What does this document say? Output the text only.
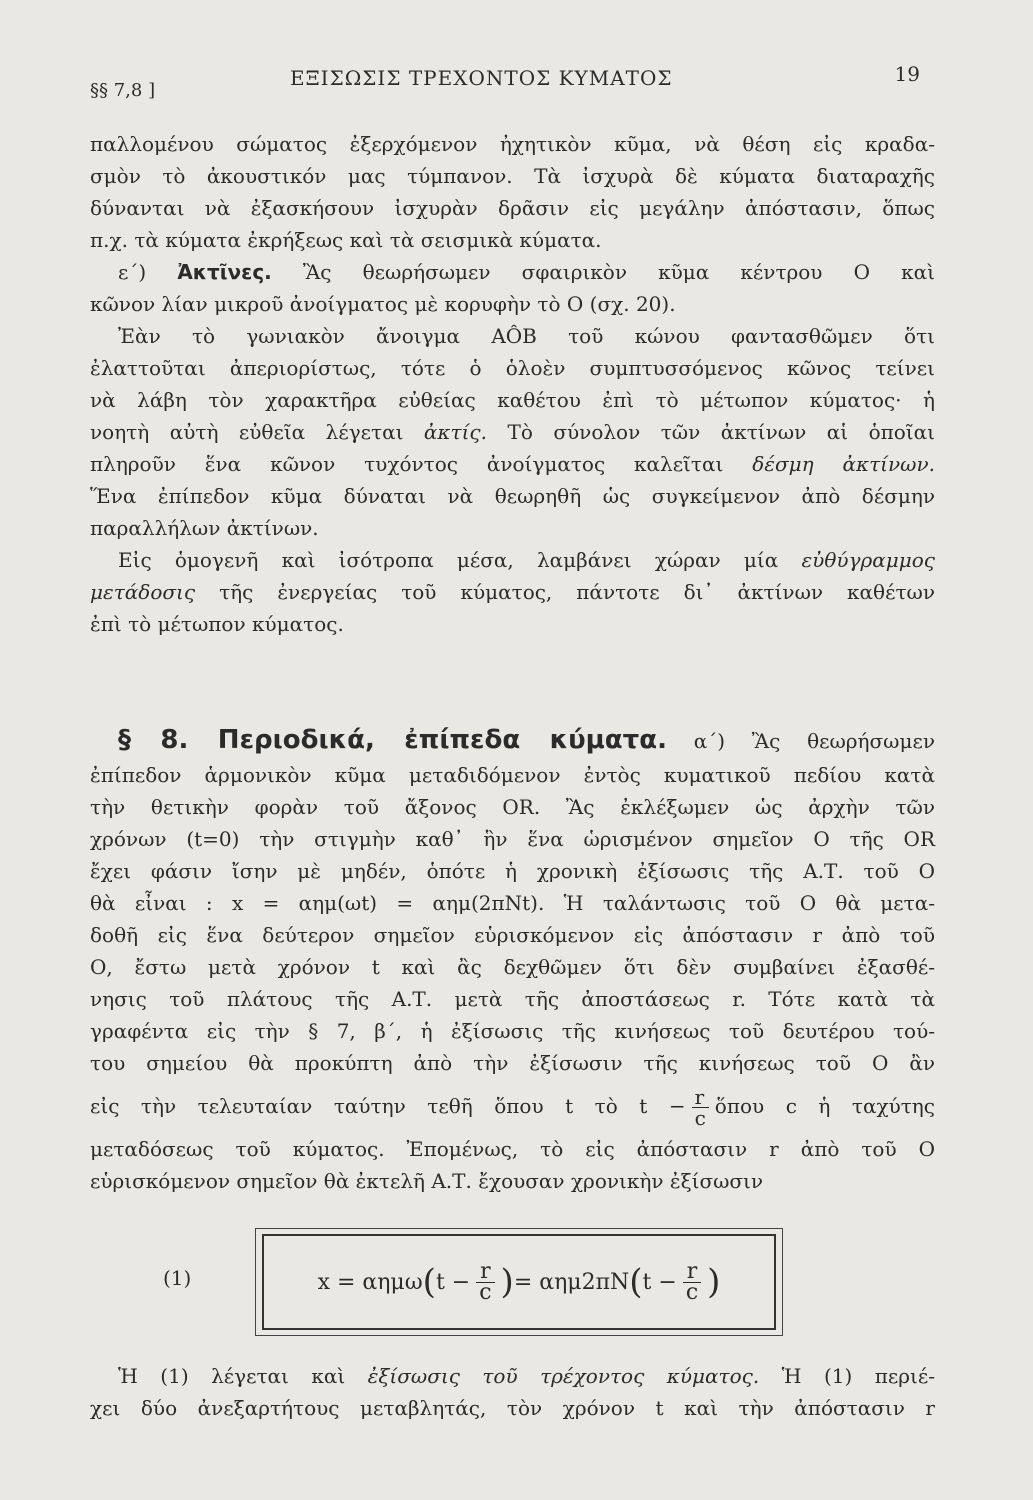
§§ 7,8 ]
ΕΞΙΣΩΣΙΣ ΤΡΕΧΟΝΤΟΣ ΚΥΜΑΤΟΣ	19
παλλομένου σώματος ἐξερχόμενον ἠχητικὸν κῦμα, νὰ θέση εἰς κραδα-
σμὸν τὸ ἀκουστικόν μας τύμπανον. Τὰ ἰσχυρὰ δὲ κύματα διαταραχῆς
δύνανται νὰ ἐξασκήσουν ἰσχυρὰν δρᾶσιν εἰς μεγάλην ἀπόστασιν, ὅπως
π.χ. τὰ κύματα ἐκρήξεως καὶ τὰ σεισμικὰ κύματα.
ε΄) Ἀκτῖνες. Ἂς θεωρήσωμεν σφαιρικὸν κῦμα κέντρου Ο καὶ
κῶνον λίαν μικροῦ ἀνοίγματος μὲ κορυφὴν τὸ Ο (σχ. 20).
Ἐὰν τὸ γωνιακὸν ἄνοιγμα AÔB τοῦ κώνου φαντασθῶμεν ὅτι
ἐλαττοῦται ἀπεριορίστως, τότε ὁ ὁλοὲν συμπτυσσόμενος κῶνος τείνει
νὰ λάβη τὸν χαρακτῆρα εὐθείας καθέτου ἐπὶ τὸ μέτωπον κύματος· ἡ
νοητὴ αὐτὴ εὐθεῖα λέγεται ἀκτίς. Τὸ σύνολον τῶν ἀκτίνων αἱ ὁποῖαι
πληροῦν ἕνα κῶνον τυχόντος ἀνοίγματος καλεῖται δέσμη ἀκτίνων.
Ἕνα ἐπίπεδον κῦμα δύναται νὰ θεωρηθῆ ὡς συγκείμενον ἀπὸ δέσμην
παραλλήλων ἀκτίνων.
Εἰς ὁμογενῆ καὶ ἰσότροπα μέσα, λαμβάνει χώραν μία εὐθύγραμμος
μετάδοσις τῆς ἐνεργείας τοῦ κύματος, πάντοτε δι᾽ ἀκτίνων καθέτων
ἐπὶ τὸ μέτωπον κύματος.
§ 8. Περιοδικά, ἐπίπεδα κύματα. α΄) Ἂς θεωρήσωμεν
ἐπίπεδον ἁρμονικὸν κῦμα μεταδιδόμενον ἐντὸς κυματικοῦ πεδίου κατὰ
τὴν θετικὴν φορὰν τοῦ ἄξονος OR. Ἂς ἐκλέξωμεν ὡς ἀρχὴν τῶν
χρόνων (t=0) τὴν στιγμὴν καθ᾽ ἣν ἕνα ὡρισμένον σημεῖον Ο τῆς OR
ἔχει φάσιν ἴσην μὲ μηδέν, ὁπότε ἡ χρονικὴ ἐξίσωσις τῆς Α.Τ. τοῦ Ο
θὰ εἶναι : x = αημ(ωt) = αημ(2πNt). Ἡ ταλάντωσις τοῦ Ο θὰ μετα-
δοθῆ εἰς ἕνα δεύτερον σημεῖον εὑρισκόμενον εἰς ἀπόστασιν r ἀπὸ τοῦ
Ο, ἔστω μετὰ χρόνον t καὶ ἂς δεχθῶμεν ὅτι δὲν συμβαίνει ἐξασθέ-
νησις τοῦ πλάτους τῆς Α.Τ. μετὰ τῆς ἀποστάσεως r. Τότε κατὰ τὰ
γραφέντα εἰς τὴν § 7, β΄, ἡ ἐξίσωσις τῆς κινήσεως τοῦ δευτέρου τού-
του σημείου θὰ προκύπτη ἀπὸ τὴν ἐξίσωσιν τῆς κινήσεως τοῦ Ο ἂν
εἰς τὴν τελευταίαν ταύτην τεθῆ ὅπου t τὸ $t - \frac{r}{c}$ ὅπου c ἡ ταχύτης
μεταδόσεως τοῦ κύματος. Ἐπομένως, τὸ εἰς ἀπόστασιν r ἀπὸ τοῦ Ο
εὑρισκόμενον σημεῖον θὰ ἐκτελῆ Α.Τ. ἔχουσαν χρονικὴν ἐξίσωσιν
x = αημω ( $t - \frac{r}{c}$ ) = αημ2πN ( $t - \frac{r}{c}$ )
(1)
Ἡ (1) λέγεται καὶ ἐξίσωσις τοῦ τρέχοντος κύματος. Ἡ (1) περιέ-
χει δύο ἀνεξαρτήτους μεταβλητάς, τὸν χρόνον t καὶ τὴν ἀπόστασιν r
